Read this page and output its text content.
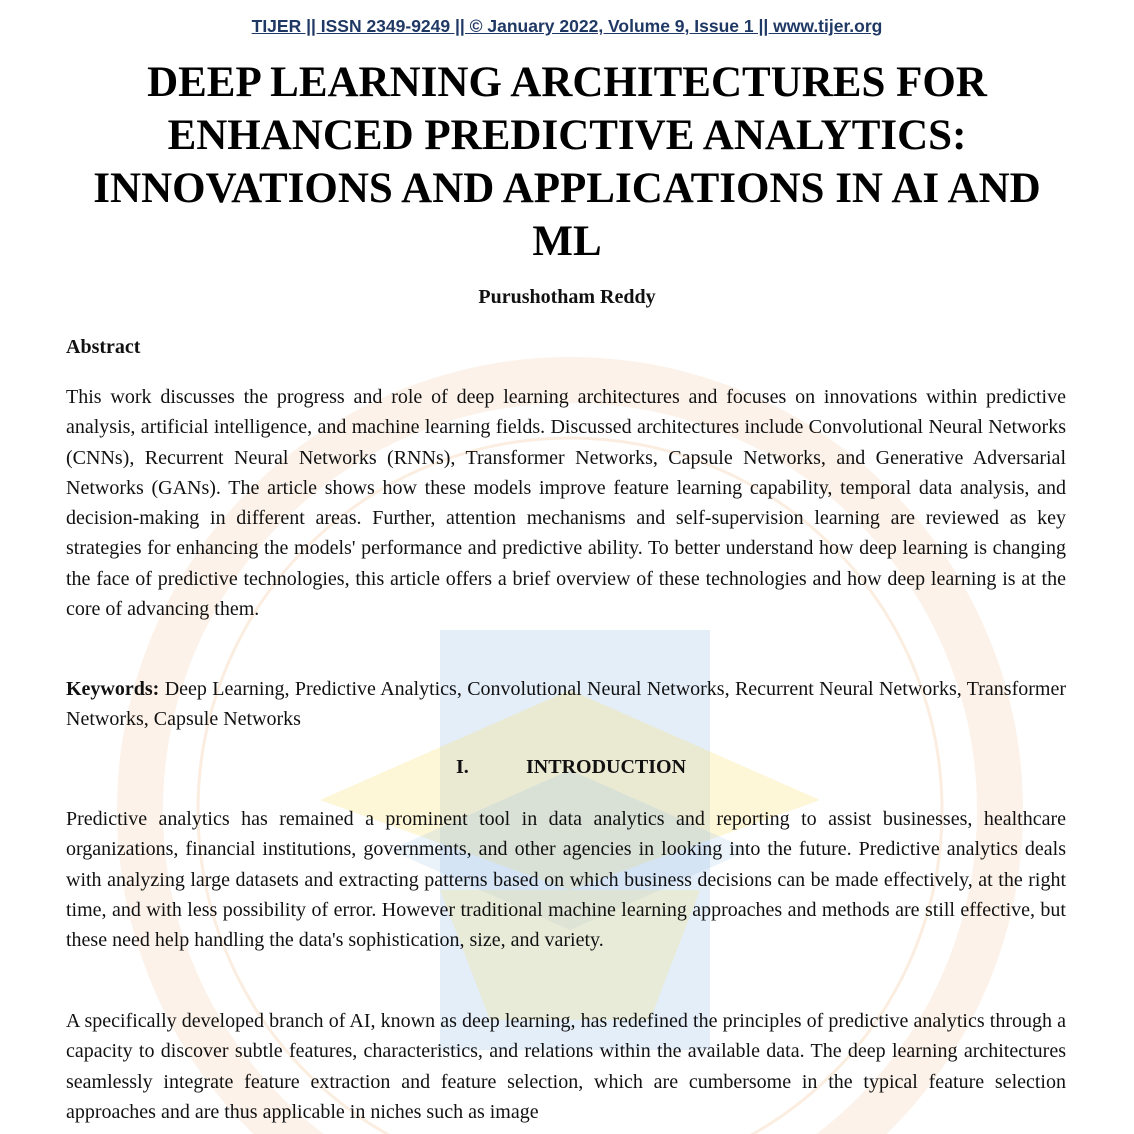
TIJER || ISSN 2349-9249 || © January 2022, Volume 9, Issue 1 || www.tijer.org
DEEP LEARNING ARCHITECTURES FOR ENHANCED PREDICTIVE ANALYTICS: INNOVATIONS AND APPLICATIONS IN AI AND ML
Purushotham Reddy
Abstract

This work discusses the progress and role of deep learning architectures and focuses on innovations within predictive analysis, artificial intelligence, and machine learning fields. Discussed architectures include Convolutional Neural Networks (CNNs), Recurrent Neural Networks (RNNs), Transformer Networks, Capsule Networks, and Generative Adversarial Networks (GANs). The article shows how these models improve feature learning capability, temporal data analysis, and decision-making in different areas. Further, attention mechanisms and self-supervision learning are reviewed as key strategies for enhancing the models' performance and predictive ability. To better understand how deep learning is changing the face of predictive technologies, this article offers a brief overview of these technologies and how deep learning is at the core of advancing them.

Keywords: Deep Learning, Predictive Analytics, Convolutional Neural Networks, Recurrent Neural Networks, Transformer Networks, Capsule Networks

I.	INTRODUCTION

Predictive analytics has remained a prominent tool in data analytics and reporting to assist businesses, healthcare organizations, financial institutions, governments, and other agencies in looking into the future. Predictive analytics deals with analyzing large datasets and extracting patterns based on which business decisions can be made effectively, at the right time, and with less possibility of error. However traditional machine learning approaches and methods are still effective, but these need help handling the data's sophistication, size, and variety.

A specifically developed branch of AI, known as deep learning, has redefined the principles of predictive analytics through a capacity to discover subtle features, characteristics, and relations within the available data. The deep learning architectures seamlessly integrate feature extraction and feature selection, which are cumbersome in the typical feature selection approaches and are thus applicable in niches such as image
